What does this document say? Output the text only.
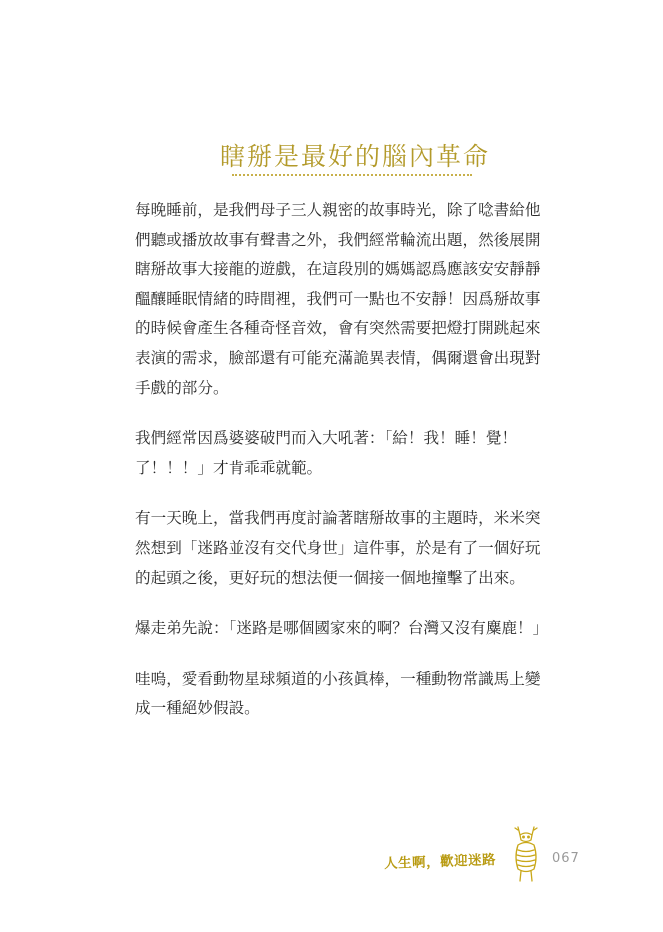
瞎掰是最好的腦內革命

每晚睡前，是我們母子三人親密的故事時光，除了唸書給他
們聽或播放故事有聲書之外，我們經常輪流出題，然後展開
瞎掰故事大接龍的遊戲，在這段別的媽媽認爲應該安安靜靜
醞釀睡眠情緒的時間裡，我們可一點也不安靜！因爲掰故事
的時候會產生各種奇怪音效，會有突然需要把燈打開跳起來
表演的需求，臉部還有可能充滿詭異表情，偶爾還會出現對
手戲的部分。

我們經常因爲婆婆破門而入大吼著：「給！我！睡！覺！
了！！！」才肯乖乖就範。

有一天晚上，當我們再度討論著瞎掰故事的主題時，米米突
然想到「迷路並沒有交代身世」這件事，於是有了一個好玩
的起頭之後，更好玩的想法便一個接一個地撞擊了出來。

爆走弟先說：「迷路是哪個國家來的啊？台灣又沒有麋鹿！」

哇嗚，愛看動物星球頻道的小孩眞棒，一種動物常識馬上變
成一種絕妙假設。

人生啊，歡迎迷路	067
